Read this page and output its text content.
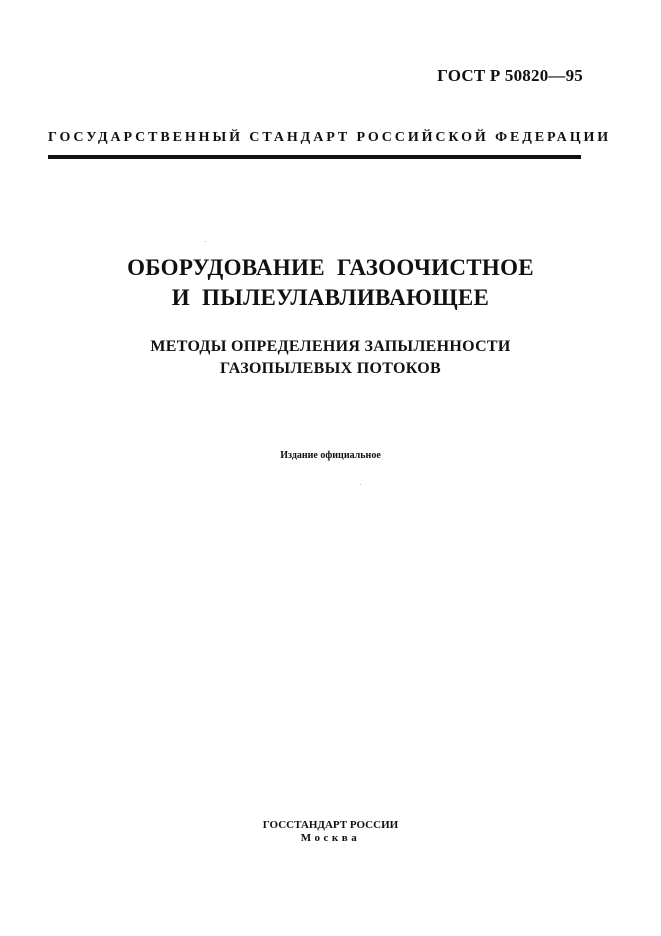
ГОСТ Р 50820—95
ГОСУДАРСТВЕННЫЙ СТАНДАРТ РОССИЙСКОЙ ФЕДЕРАЦИИ
ОБОРУДОВАНИЕ ГАЗООЧИСТНОЕ
И ПЫЛЕУЛАВЛИВАЮЩЕЕ
МЕТОДЫ ОПРЕДЕЛЕНИЯ ЗАПЫЛЕННОСТИ
ГАЗОПЫЛЕВЫХ ПОТОКОВ
Издание официальное
ГОССТАНДАРТ РОССИИ
Москва
